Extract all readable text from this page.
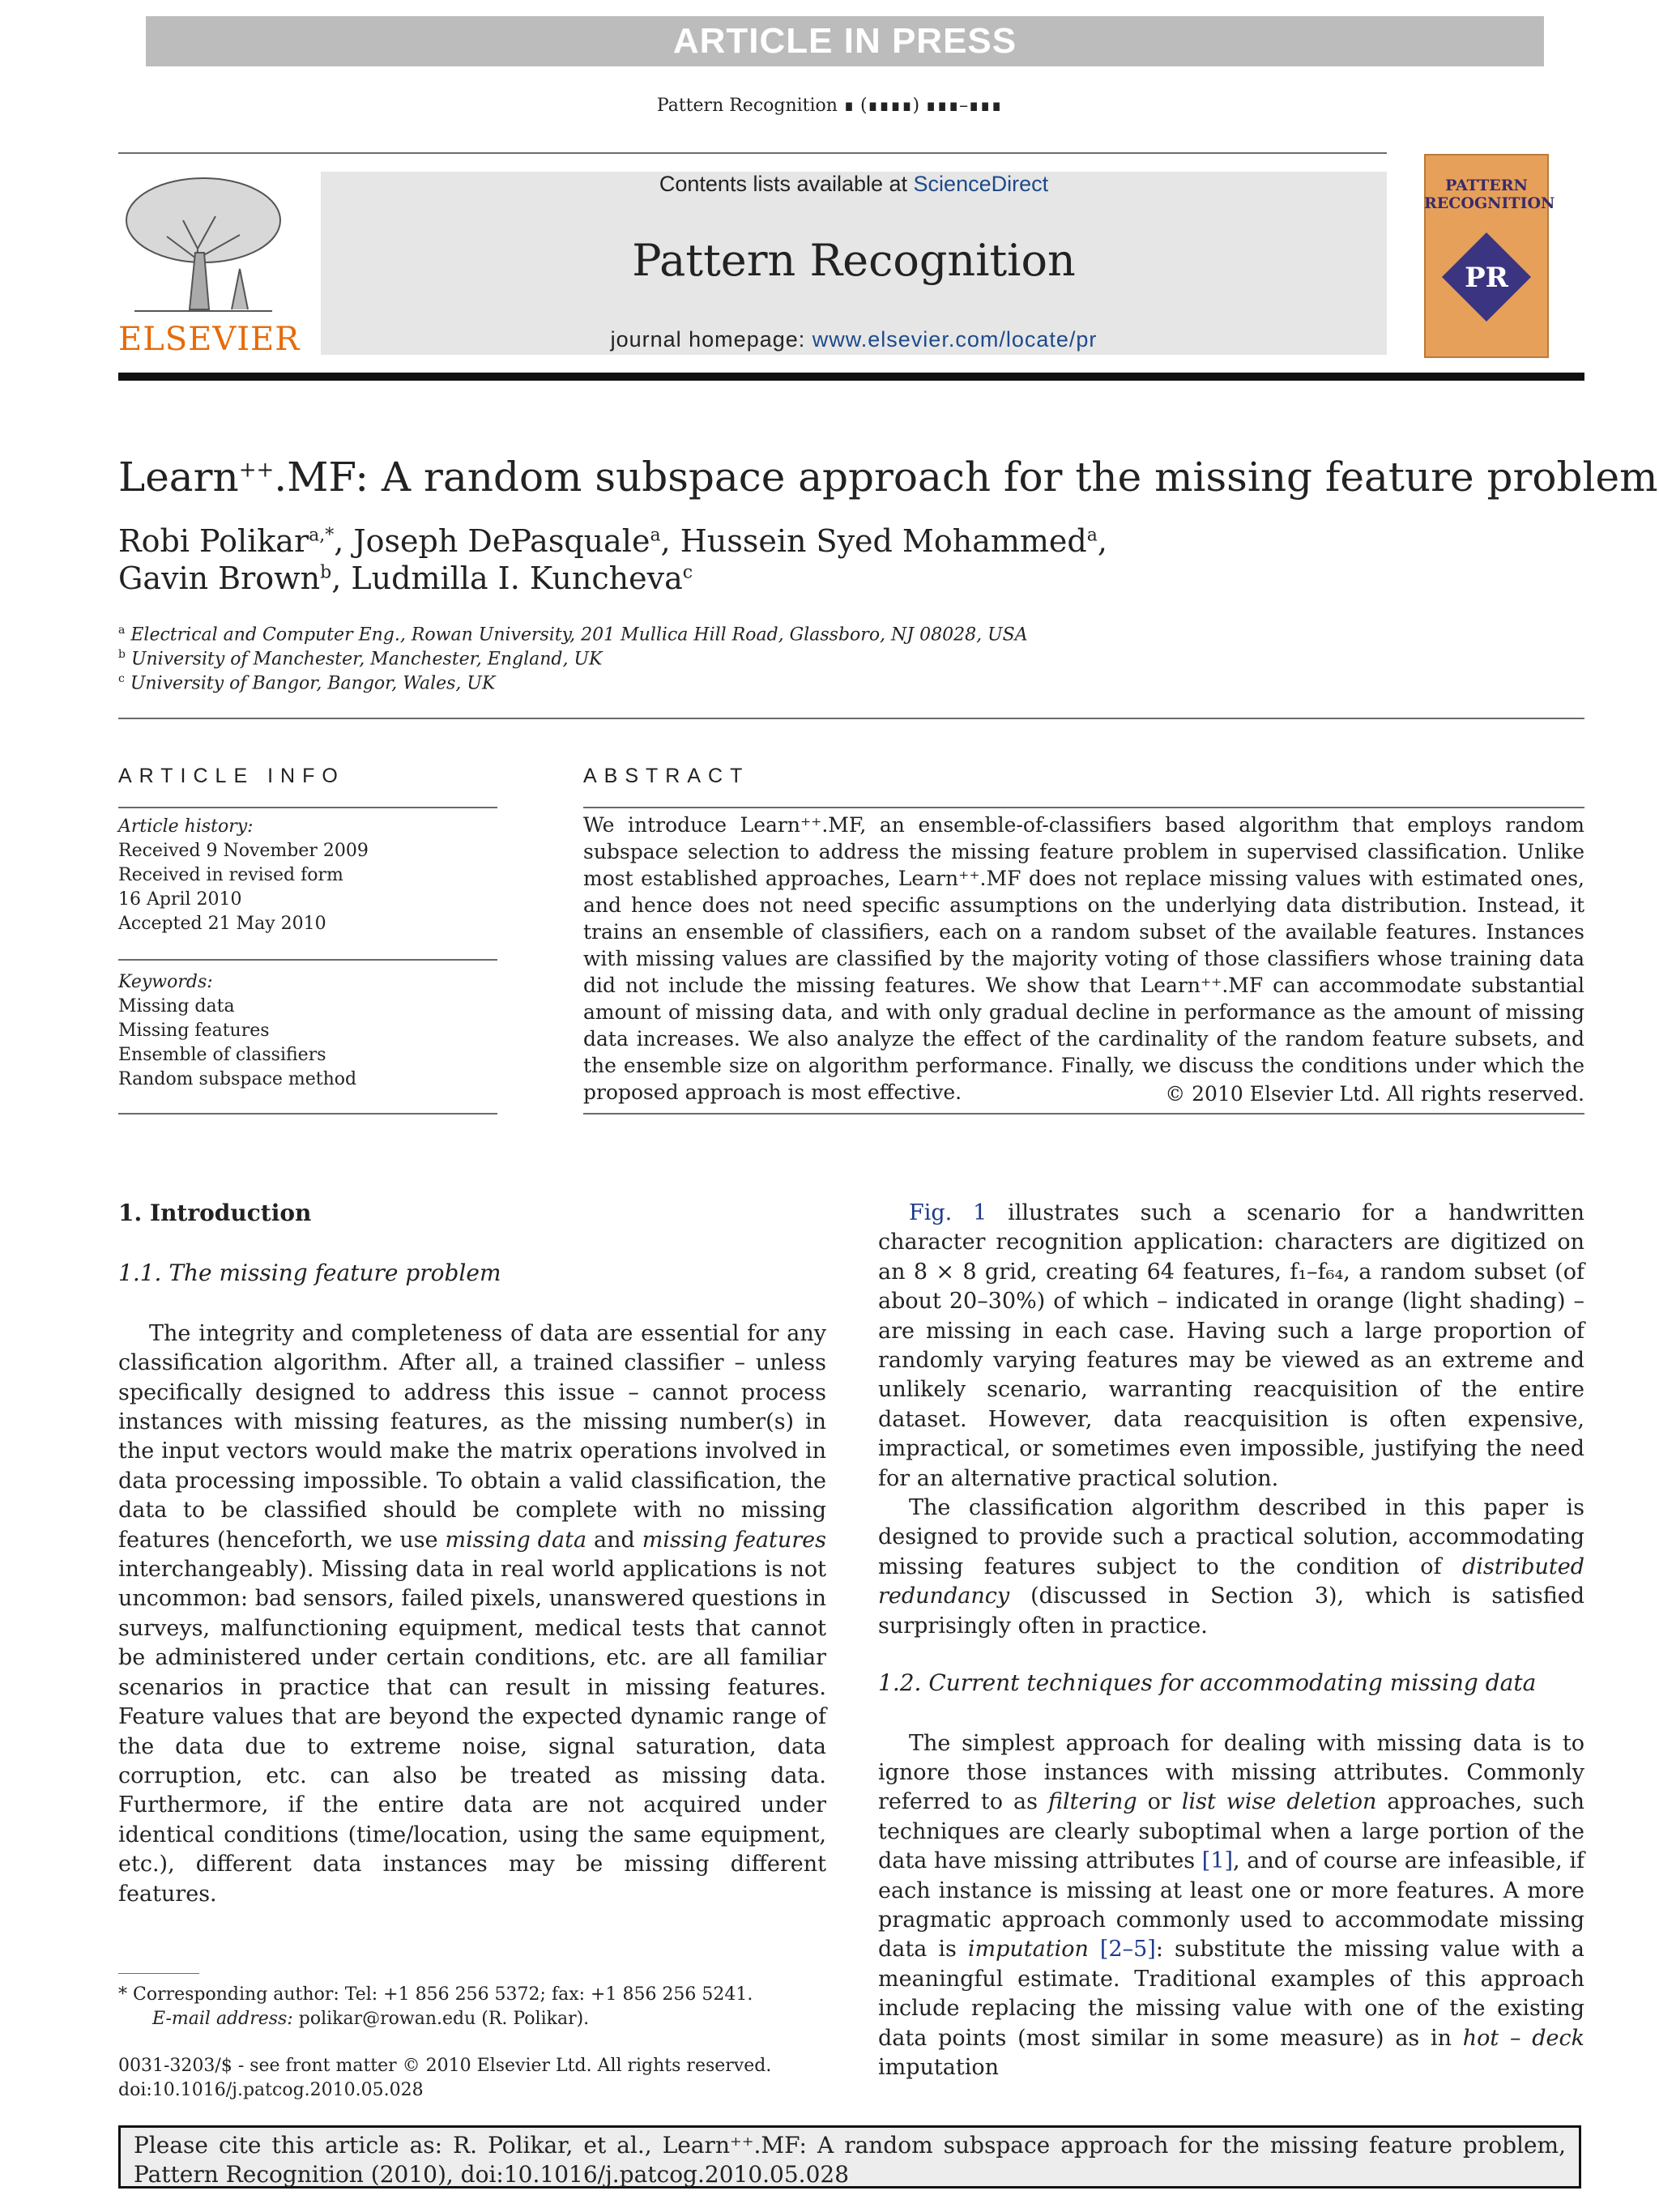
ARTICLE IN PRESS
Pattern Recognition ∎ (∎∎∎∎) ∎∎∎–∎∎∎
ELSEVIER
Contents lists available at ScienceDirect
Pattern Recognition
journal homepage: www.elsevier.com/locate/pr
PR
PATTERN RECOGNITION
Learn++.MF: A random subspace approach for the missing feature problem
Robi Polikar$^{a,*}$, Joseph DePasquale$^a$, Hussein Syed Mohammed$^a$,
Gavin Brown$^b$, Ludmilla I. Kuncheva$^c$
$^a$ Electrical and Computer Eng., Rowan University, 201 Mullica Hill Road, Glassboro, NJ 08028, USA
$^b$ University of Manchester, Manchester, England, UK
$^c$ University of Bangor, Bangor, Wales, UK
ARTICLE INFO
Article history:
Received 9 November 2009
Received in revised form
16 April 2010
Accepted 21 May 2010
Keywords:
Missing data
Missing features
Ensemble of classifiers
Random subspace method
ABSTRACT
We introduce Learn⁺⁺.MF, an ensemble-of-classifiers based algorithm that employs random subspace selection to address the missing feature problem in supervised classification. Unlike most established approaches, Learn⁺⁺.MF does not replace missing values with estimated ones, and hence does not need specific assumptions on the underlying data distribution. Instead, it trains an ensemble of classifiers, each on a random subset of the available features. Instances with missing values are classified by the majority voting of those classifiers whose training data did not include the missing features. We show that Learn⁺⁺.MF can accommodate substantial amount of missing data, and with only gradual decline in performance as the amount of missing data increases. We also analyze the effect of the cardinality of the random feature subsets, and the ensemble size on algorithm performance. Finally, we discuss the conditions under which the proposed approach is most effective.	© 2010 Elsevier Ltd. All rights reserved.
1. Introduction
1.1. The missing feature problem

The integrity and completeness of data are essential for any classification algorithm. After all, a trained classifier – unless specifically designed to address this issue – cannot process instances with missing features, as the missing number(s) in the input vectors would make the matrix operations involved in data processing impossible. To obtain a valid classification, the data to be classified should be complete with no missing features (henceforth, we use missing data and missing features interchangeably). Missing data in real world applications is not uncommon: bad sensors, failed pixels, unanswered questions in surveys, malfunctioning equipment, medical tests that cannot be administered under certain conditions, etc. are all familiar scenarios in practice that can result in missing features. Feature values that are beyond the expected dynamic range of the data due to extreme noise, signal saturation, data corruption, etc. can also be treated as missing data. Furthermore, if the entire data are not acquired under identical conditions (time/location, using the same equipment, etc.), different data instances may be missing different features.

Fig. 1 illustrates such a scenario for a handwritten character recognition application: characters are digitized on an 8 × 8 grid, creating 64 features, f₁–f₆₄, a random subset (of about 20–30%) of which – indicated in orange (light shading) – are missing in each case. Having such a large proportion of randomly varying features may be viewed as an extreme and unlikely scenario, warranting reacquisition of the entire dataset. However, data reacquisition is often expensive, impractical, or sometimes even impossible, justifying the need for an alternative practical solution.

The classification algorithm described in this paper is designed to provide such a practical solution, accommodating missing features subject to the condition of distributed redundancy (discussed in Section 3), which is satisfied surprisingly often in practice.

1.2. Current techniques for accommodating missing data

The simplest approach for dealing with missing data is to ignore those instances with missing attributes. Commonly referred to as filtering or list wise deletion approaches, such techniques are clearly suboptimal when a large portion of the data have missing attributes [1], and of course are infeasible, if each instance is missing at least one or more features. A more pragmatic approach commonly used to accommodate missing data is imputation [2–5]: substitute the missing value with a meaningful estimate. Traditional examples of this approach include replacing the missing value with one of the existing data points (most similar in some measure) as in hot – deck imputation

* Corresponding author: Tel: +1 856 256 5372; fax: +1 856 256 5241.
E-mail address: polikar@rowan.edu (R. Polikar).
0031-3203/$ - see front matter © 2010 Elsevier Ltd. All rights reserved.
doi:10.1016/j.patcog.2010.05.028
Please cite this article as: R. Polikar, et al., Learn⁺⁺.MF: A random subspace approach for the missing feature problem, Pattern Recognition (2010), doi:10.1016/j.patcog.2010.05.028
